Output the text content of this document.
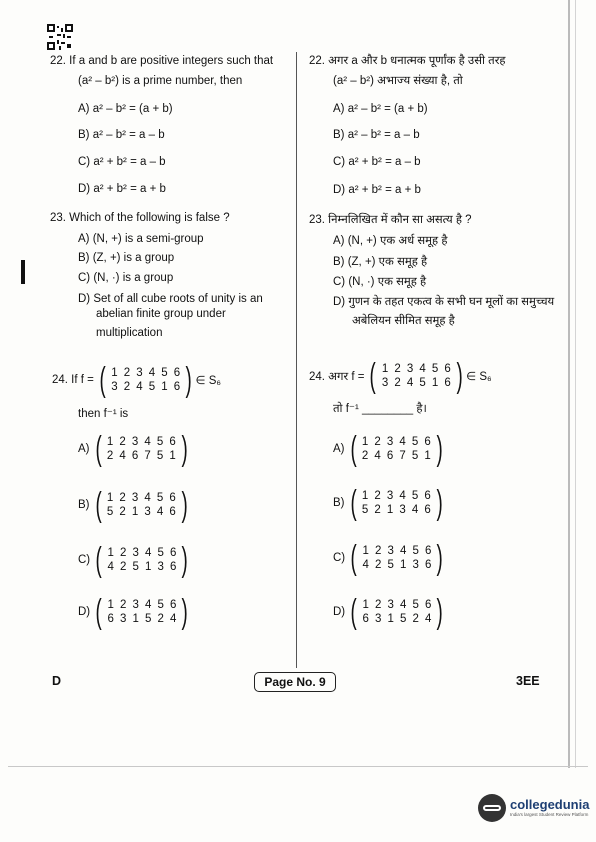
22. If a and b are positive integers such that
(a² – b²) is a prime number, then
A) a² – b² = (a + b)
B) a² – b² = a – b
C) a² + b² = a – b
D) a² + b² = a + b
23. Which of the following is false ?
A) (N, +) is a semi-group
B) (Z, +) is a group
C) (N, ·) is a group
D) Set of all cube roots of unity is an
abelian finite group under
multiplication
24. If f = ( 1 2 3 4 5 6
3 2 4 5 1 6 ) ∈ S₆
then f⁻¹ is
A) ( 1 2 3 4 5 6
2 4 6 7 5 1 )
B) ( 1 2 3 4 5 6
5 2 1 3 4 6 )
C) ( 1 2 3 4 5 6
4 2 5 1 3 6 )
D) ( 1 2 3 4 5 6
6 3 1 5 2 4 )
22. अगर a और b धनात्मक पूर्णांक है उसी तरह
(a² – b²) अभाज्य संख्या है, तो
A) a² – b² = (a + b)
B) a² – b² = a – b
C) a² + b² = a – b
D) a² + b² = a + b
23. निम्नलिखित में कौन सा असत्य है ?
A) (N, +) एक अर्ध समूह है
B) (Z, +) एक समूह है
C) (N, ·) एक समूह है
D) गुणन के तहत एकत्व के सभी घन मूलों का समुच्चय
अबेलियन सीमित समूह है
24. अगर f = ( 1 2 3 4 5 6
3 2 4 5 1 6 ) ∈ S₆
तो f⁻¹ ________ है।
A) ( 1 2 3 4 5 6
2 4 6 7 5 1 )
B) ( 1 2 3 4 5 6
5 2 1 3 4 6 )
C) ( 1 2 3 4 5 6
4 2 5 1 3 6 )
D) ( 1 2 3 4 5 6
6 3 1 5 2 4 )
D	Page No. 9	3EE
collegedunia
India's largest Student Review Platform
